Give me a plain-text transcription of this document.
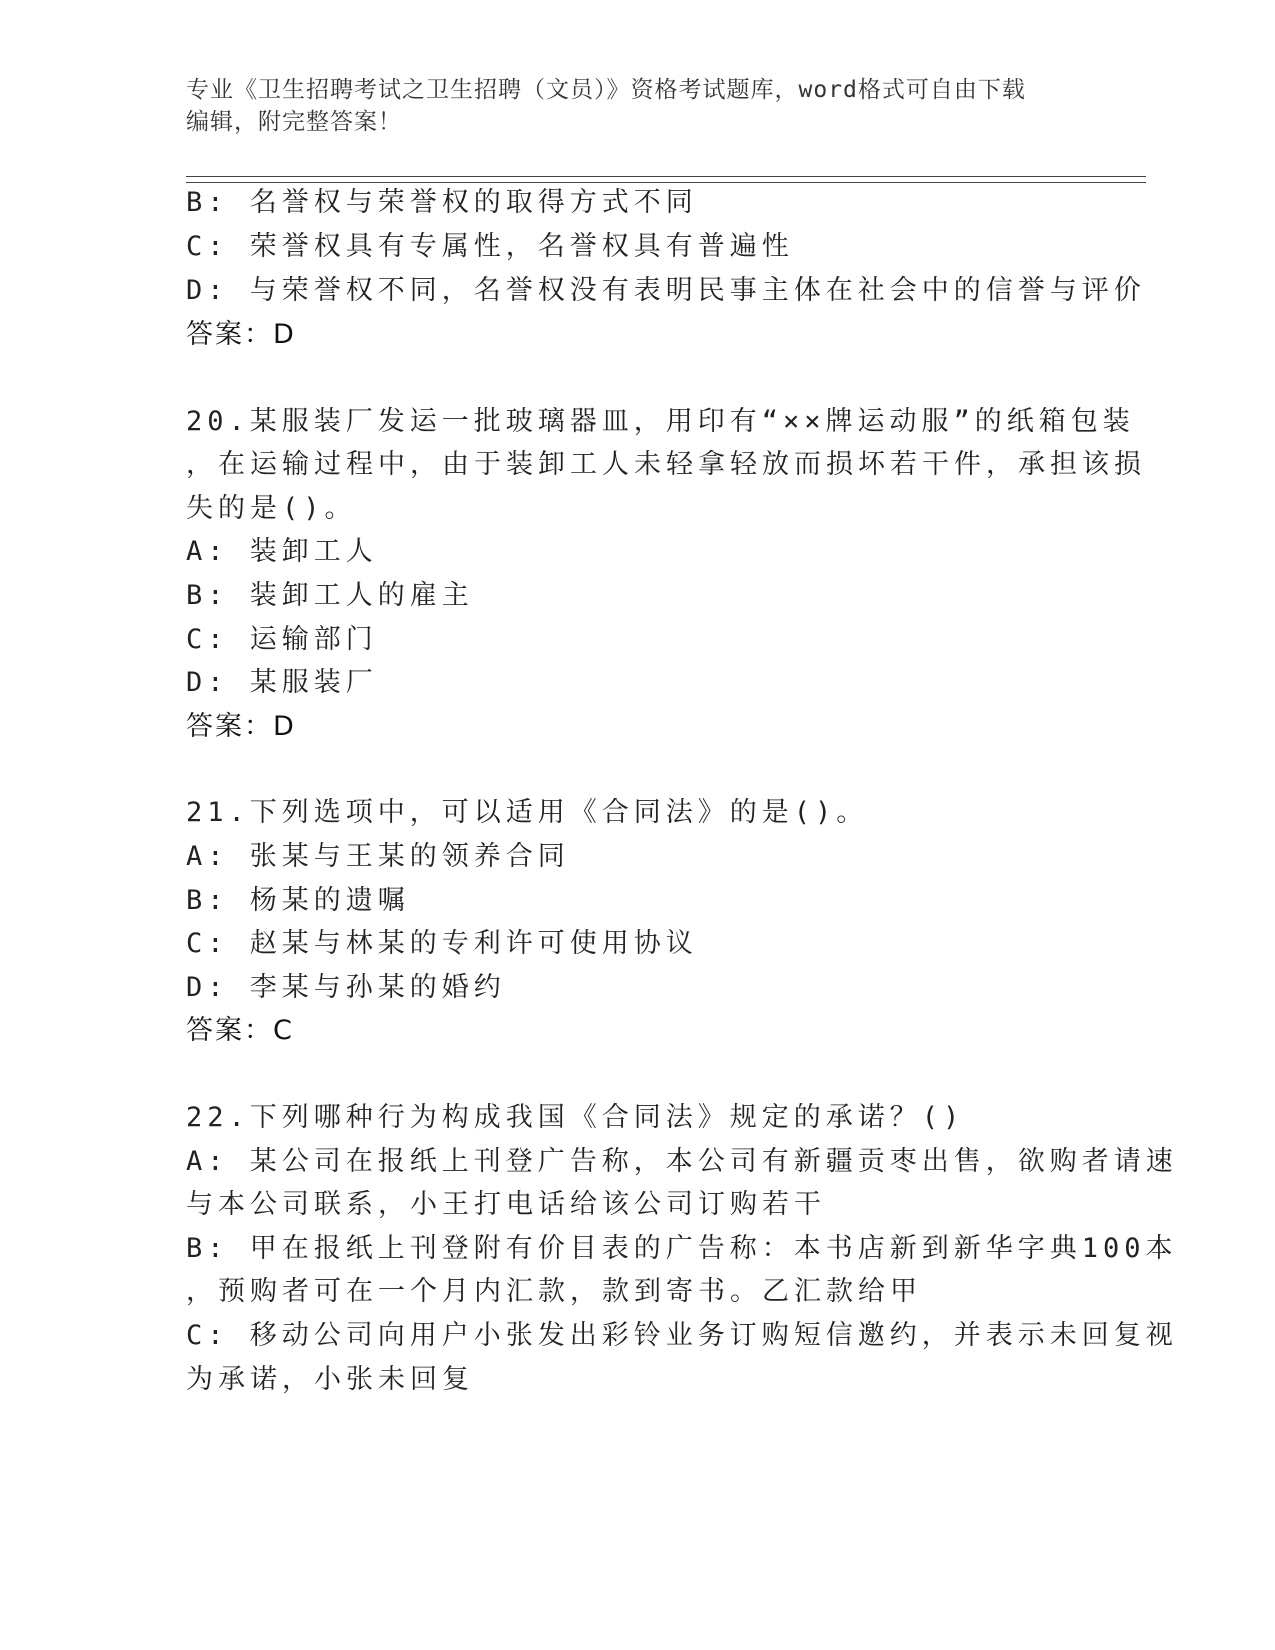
专业《卫生招聘考试之卫生招聘（文员）》资格考试题库，word格式可自由下载
编辑，附完整答案！
B: 名誉权与荣誉权的取得方式不同
C: 荣誉权具有专属性，名誉权具有普遍性
D: 与荣誉权不同，名誉权没有表明民事主体在社会中的信誉与评价
答案：D
20.某服装厂发运一批玻璃器皿，用印有“××牌运动服”的纸箱包装
，在运输过程中，由于装卸工人未轻拿轻放而损坏若干件，承担该损
失的是()。
A: 装卸工人
B: 装卸工人的雇主
C: 运输部门
D: 某服装厂
答案：D
21.下列选项中，可以适用《合同法》的是()。
A: 张某与王某的领养合同
B: 杨某的遗嘱
C: 赵某与林某的专利许可使用协议
D: 李某与孙某的婚约
答案：C
22.下列哪种行为构成我国《合同法》规定的承诺？()
A: 某公司在报纸上刊登广告称，本公司有新疆贡枣出售，欲购者请速
与本公司联系，小王打电话给该公司订购若干
B: 甲在报纸上刊登附有价目表的广告称：本书店新到新华字典100本
，预购者可在一个月内汇款，款到寄书。乙汇款给甲
C: 移动公司向用户小张发出彩铃业务订购短信邀约，并表示未回复视
为承诺，小张未回复
